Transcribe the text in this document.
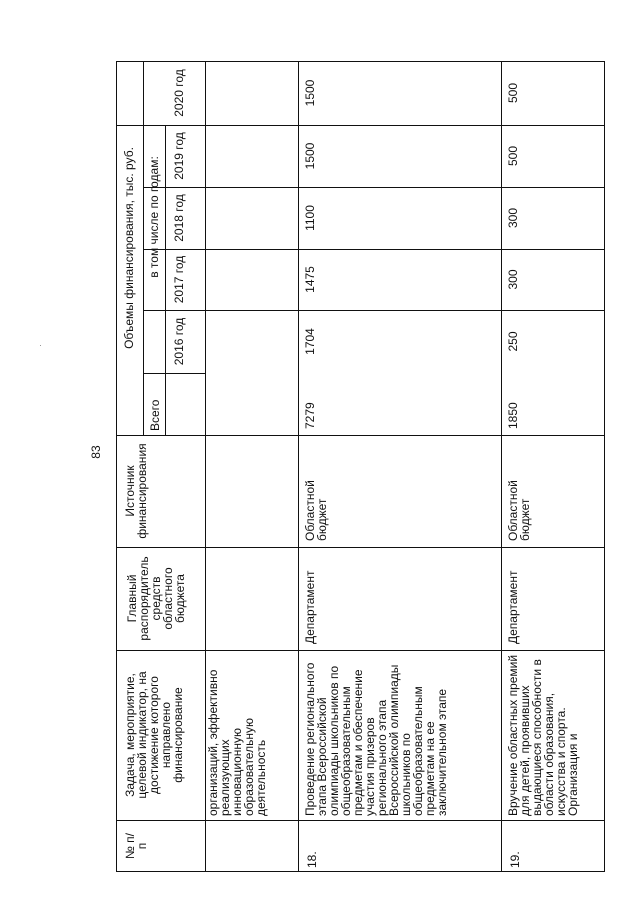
83
№ п/п
Задача, мероприятие, целевой индикатор, на достижение которого направлено финансирование
Главный распорядитель средств областного бюджета
Источник финансирования
Всего
Объемы финансирования, тыс. руб. в том числе по годам:
2016 год
2017 год
2018 год
2019 год
2020 год
организаций, эффективно реализующих инновационную образовательную деятельность
18.
Проведение регионального этапа Всероссийской олимпиады школьников по общеобразовательным предметам и обеспечение участия призеров регионального этапа Всероссийской олимпиады школьников по общеобразовательным предметам на ее заключительном этапе
Департамент
Областной бюджет
7279
1704
1475
1100
1500
1500
19.
Вручение областных премий для детей, проявивших выдающиеся способности в области образования, искусства и спорта. Организация и
Департамент
Областной бюджет
1850
250
300
300
500
500
